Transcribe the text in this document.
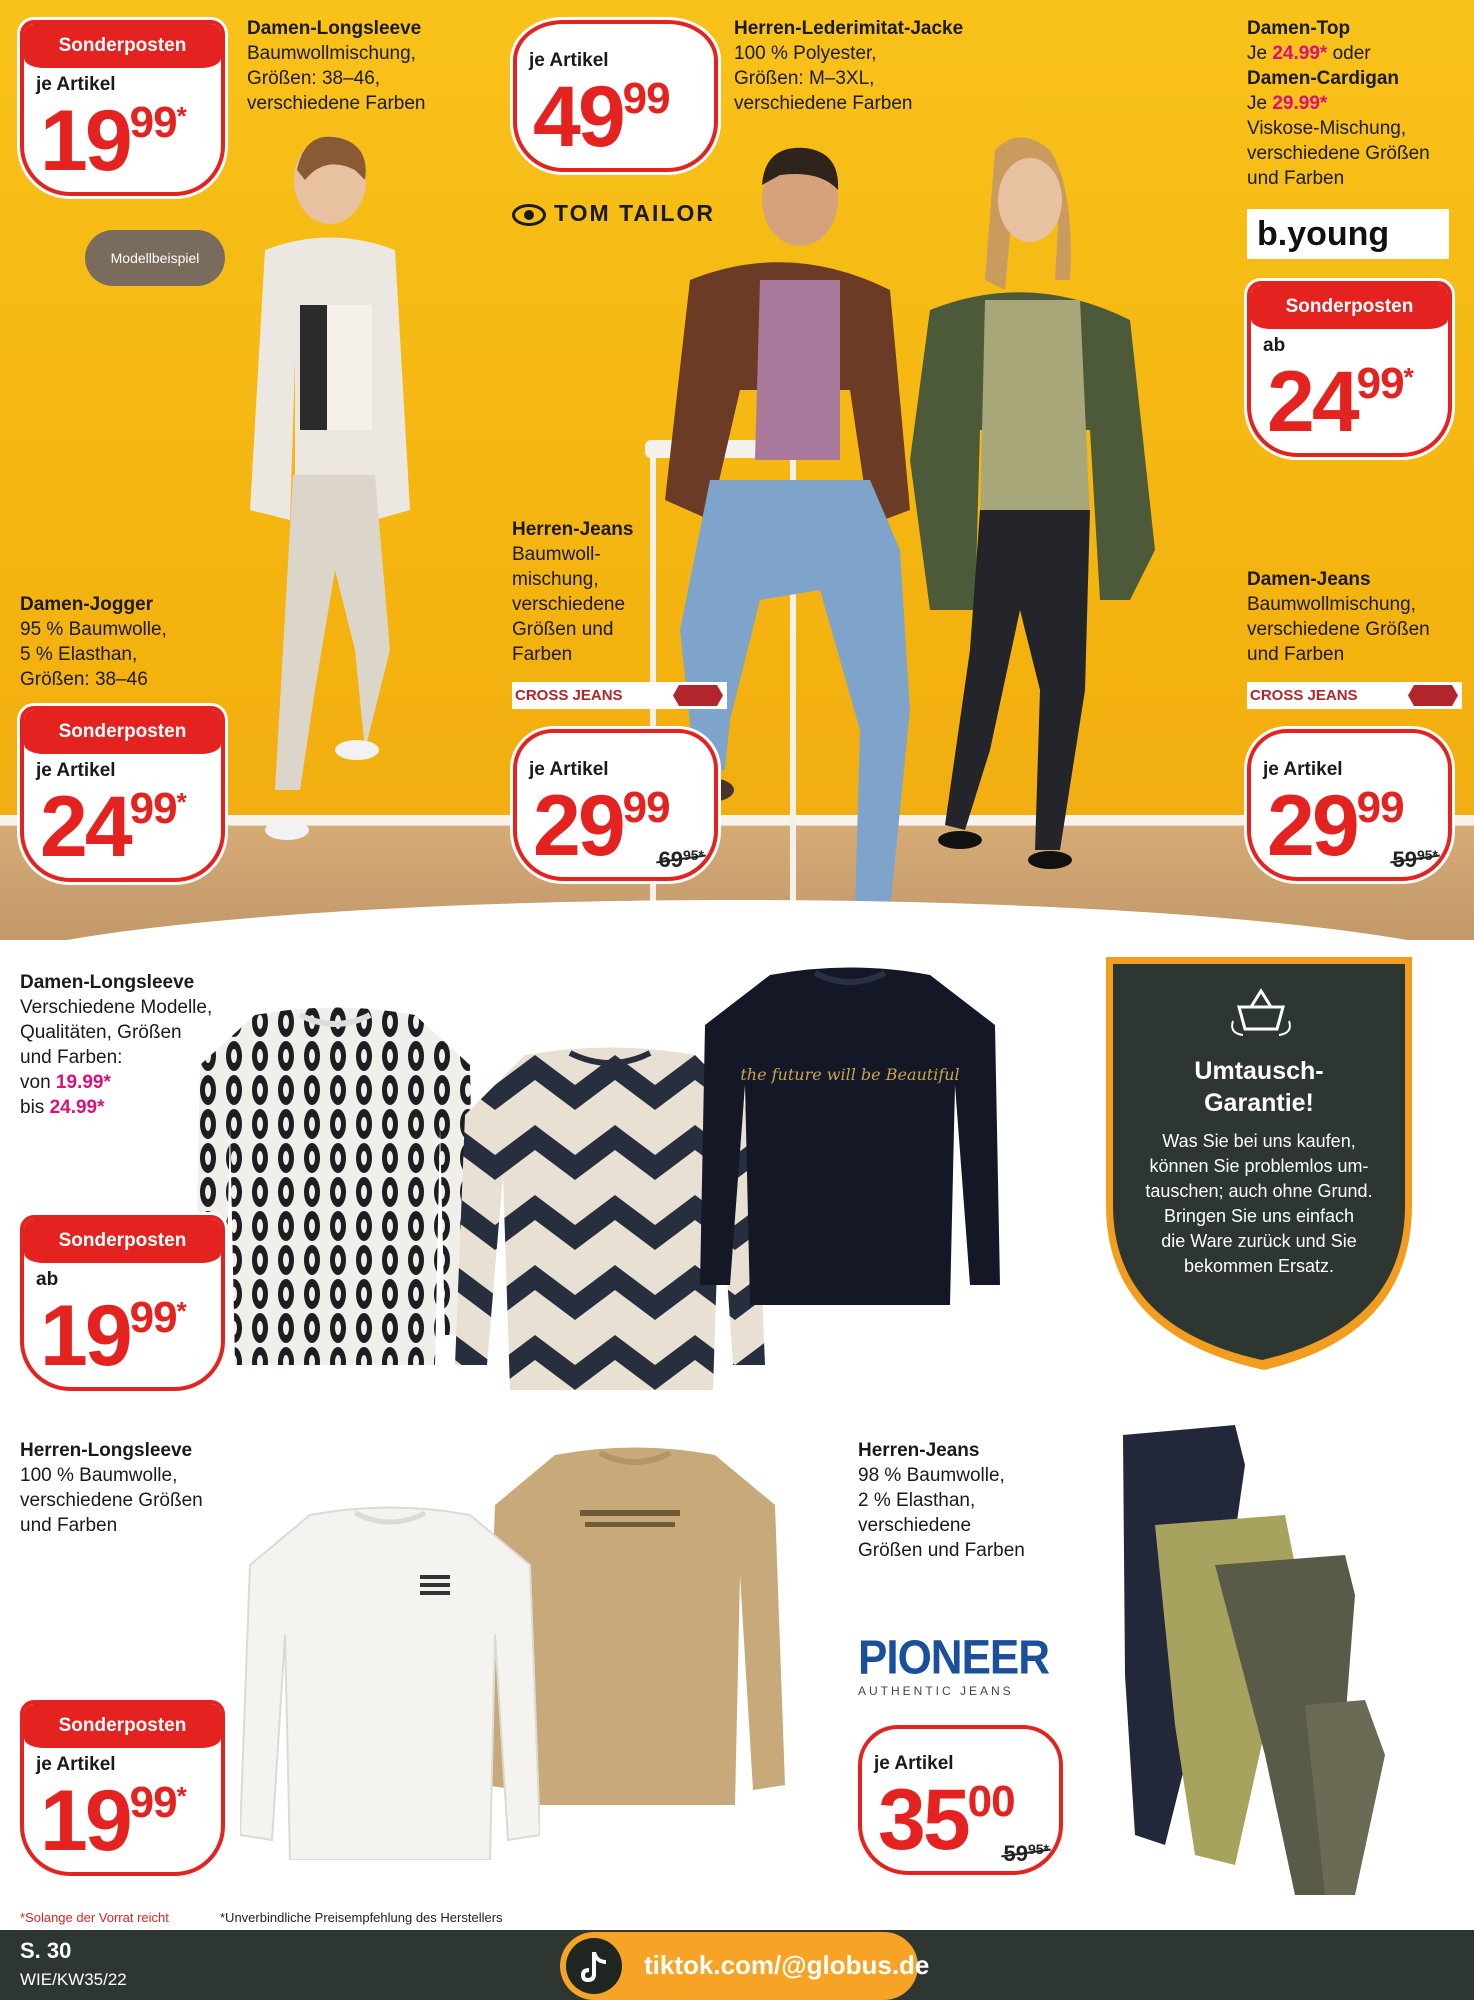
Modellbeispiel
Damen-Longsleeve
Baumwollmischung,
Größen: 38–46,
verschiedene Farben
Herren-Lederimitat-Jacke
100 % Polyester,
Größen: M–3XL,
verschiedene Farben
Damen-Top
Je 24.99* oder
Damen-Cardigan
Je 29.99*
Viskose-Mischung,
verschiedene Größen
und Farben
Herren-Jeans
Baumwoll-
mischung,
verschiedene
Größen und
Farben
Damen-Jogger
95 % Baumwolle,
5 % Elasthan,
Größen: 38–46
Damen-Jeans
Baumwollmischung,
verschiedene Größen
und Farben
TOM TAILOR
b.young
CROSS JEANS	CROSS JEANS
Sonderposten
je Artikel
1999*
je Artikel
4999
Sonderposten
ab
2499*
Sonderposten
je Artikel
2499*
je Artikel
2999
$69^{95*}$
je Artikel
2999
$59^{95*}$
Damen-Longsleeve
Verschiedene Modelle,
Qualitäten, Größen
und Farben:
von 19.99*
bis 24.99*
the future will be Beautiful
Sonderposten
ab
1999*
Umtausch-
Garantie!
Was Sie bei uns kaufen,
können Sie problemlos um-
tauschen; auch ohne Grund.
Bringen Sie uns einfach
die Ware zurück und Sie
bekommen Ersatz.
Herren-Longsleeve
100 % Baumwolle,
verschiedene Größen
und Farben
Sonderposten
je Artikel
1999*
Herren-Jeans
98 % Baumwolle,
2 % Elasthan,
verschiedene
Größen und Farben
PIONEER
AUTHENTIC JEANS
je Artikel
3500
$59^{95*}$
*Solange der Vorrat reicht	*Unverbindliche Preisempfehlung des Herstellers
S. 30
WIE/KW35/22	tiktok.com/@globus.de
